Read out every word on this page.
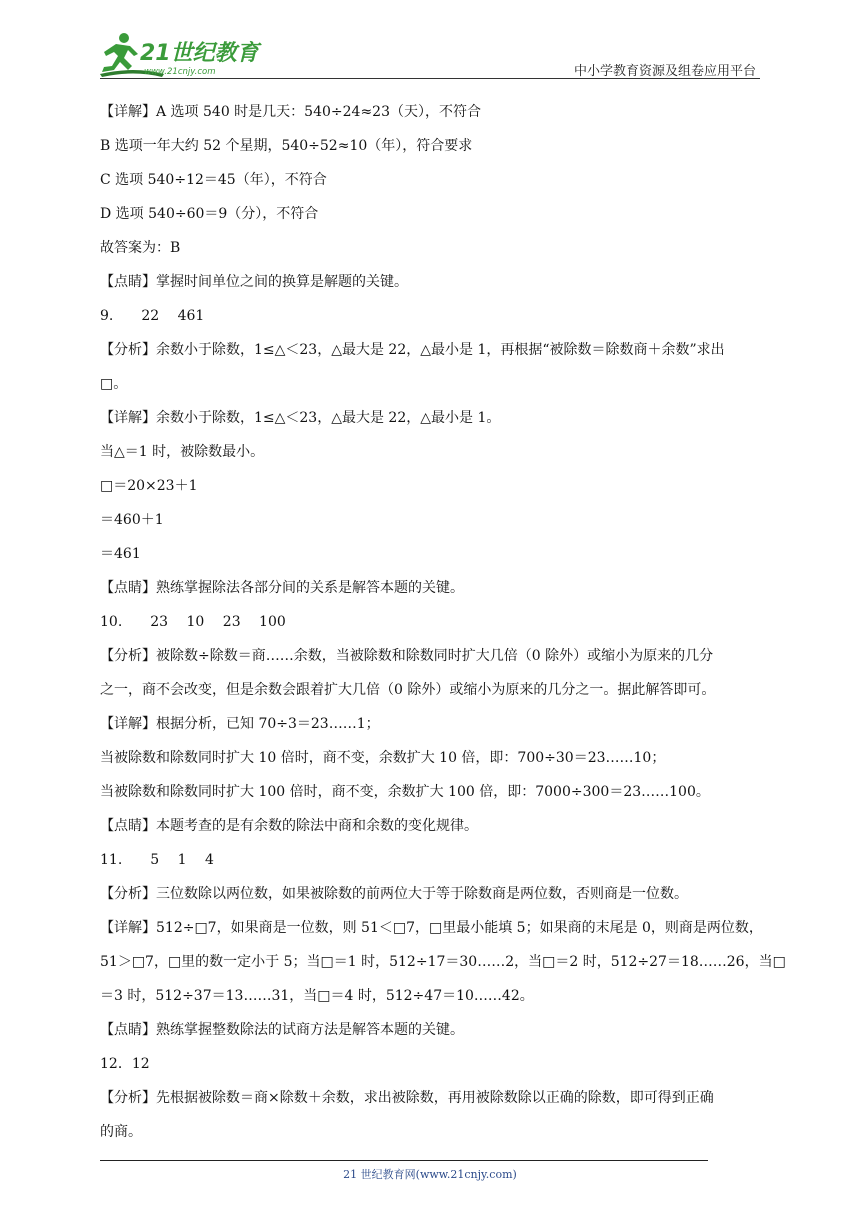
21世纪教育
www.21cnjy.com	中小学教育资源及组卷应用平台
【详解】A 选项 540 时是几天：540÷24≈23（天），不符合
B 选项一年大约 52 个星期，540÷52≈10（年），符合要求
C 选项 540÷12＝45（年），不符合
D 选项 540÷60＝9（分），不符合
故答案为：B
【点睛】掌握时间单位之间的换算是解题的关键。
9.　　22　 461
【分析】余数小于除数，1≤△＜23，△最大是 22，△最小是 1，再根据“被除数＝除数商＋余数”求出
□。
【详解】余数小于除数，1≤△＜23，△最大是 22，△最小是 1。
当△＝1 时，被除数最小。
□＝20×23＋1
＝460＋1
＝461
【点睛】熟练掌握除法各部分间的关系是解答本题的关键。
10.　　23　 10　 23　 100
【分析】被除数÷除数＝商……余数，当被除数和除数同时扩大几倍（0 除外）或缩小为原来的几分
之一，商不会改变，但是余数会跟着扩大几倍（0 除外）或缩小为原来的几分之一。据此解答即可。
【详解】根据分析，已知 70÷3＝23……1；
当被除数和除数同时扩大 10 倍时，商不变，余数扩大 10 倍，即：700÷30＝23……10；
当被除数和除数同时扩大 100 倍时，商不变，余数扩大 100 倍，即：7000÷300＝23……100。
【点睛】本题考查的是有余数的除法中商和余数的变化规律。
11.　　5　 1　 4
【分析】三位数除以两位数，如果被除数的前两位大于等于除数商是两位数，否则商是一位数。
【详解】512÷□7，如果商是一位数，则 51＜□7，□里最小能填 5；如果商的末尾是 0，则商是两位数，
51＞□7，□里的数一定小于 5；当□＝1 时，512÷17＝30……2，当□＝2 时，512÷27＝18……26，当□
＝3 时，512÷37＝13……31，当□＝4 时，512÷47＝10……42。
【点睛】熟练掌握整数除法的试商方法是解答本题的关键。
12．12
【分析】先根据被除数＝商×除数＋余数，求出被除数，再用被除数除以正确的除数，即可得到正确
的商。
21 世纪教育网(www.21cnjy.com)
